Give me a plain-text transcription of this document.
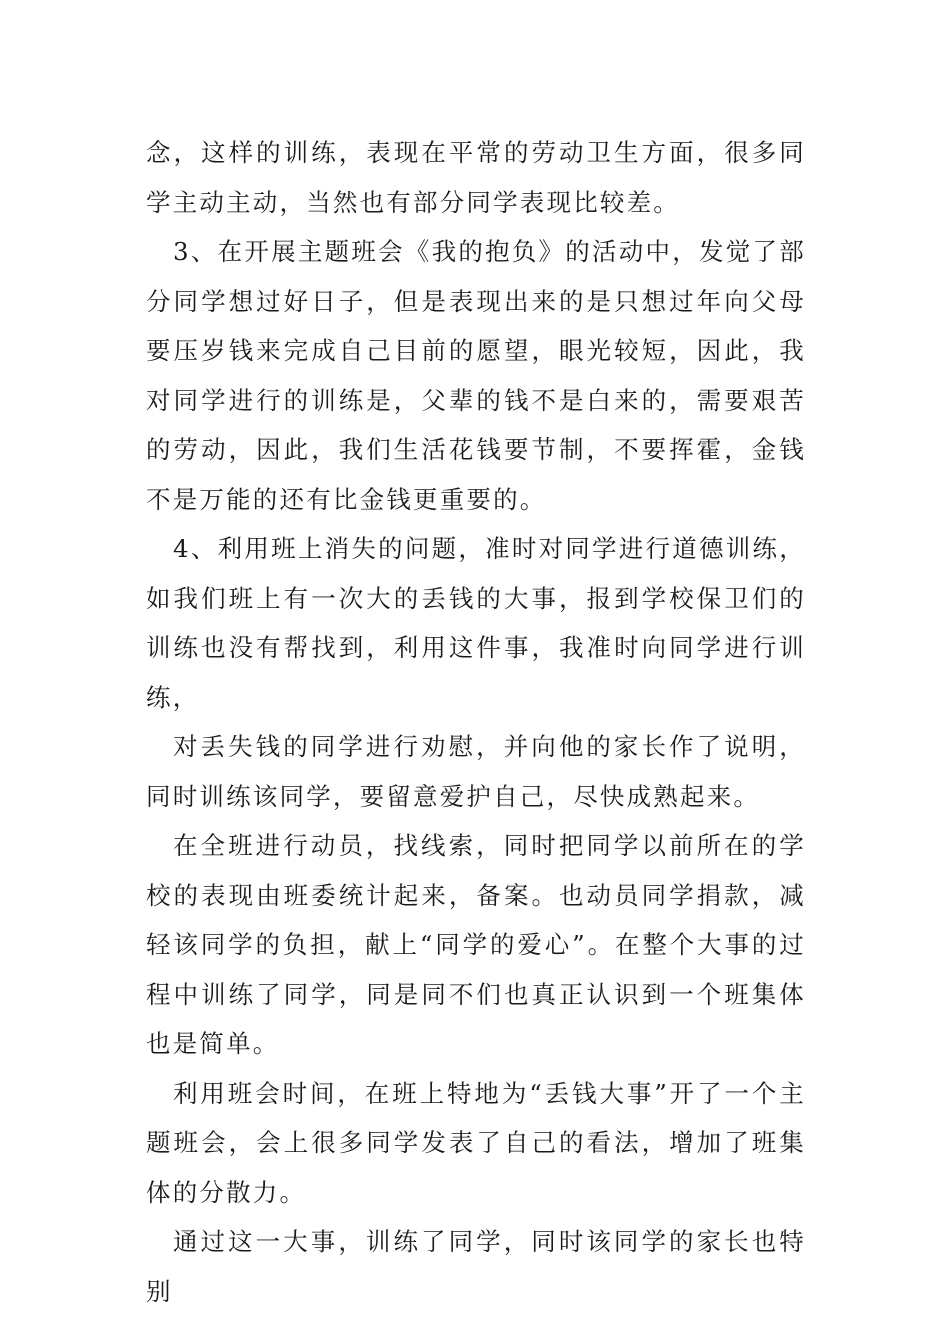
念，这样的训练，表现在平常的劳动卫生方面，很多同学主动主动，当然也有部分同学表现比较差。

3、在开展主题班会《我的抱负》的活动中，发觉了部分同学想过好日子，但是表现出来的是只想过年向父母要压岁钱来完成自己目前的愿望，眼光较短，因此，我对同学进行的训练是，父辈的钱不是白来的，需要艰苦的劳动，因此，我们生活花钱要节制，不要挥霍，金钱不是万能的还有比金钱更重要的。

4、利用班上消失的问题，准时对同学进行道德训练，如我们班上有一次大的丢钱的大事，报到学校保卫们的训练也没有帮找到，利用这件事，我准时向同学进行训练，

对丢失钱的同学进行劝慰，并向他的家长作了说明，同时训练该同学，要留意爱护自己，尽快成熟起来。

在全班进行动员，找线索，同时把同学以前所在的学校的表现由班委统计起来，备案。也动员同学捐款，减轻该同学的负担，献上“同学的爱心”。在整个大事的过程中训练了同学，同是同不们也真正认识到一个班集体也是简单。

利用班会时间，在班上特地为“丢钱大事”开了一个主题班会，会上很多同学发表了自己的看法，增加了班集体的分散力。

通过这一大事，训练了同学，同时该同学的家长也特别
